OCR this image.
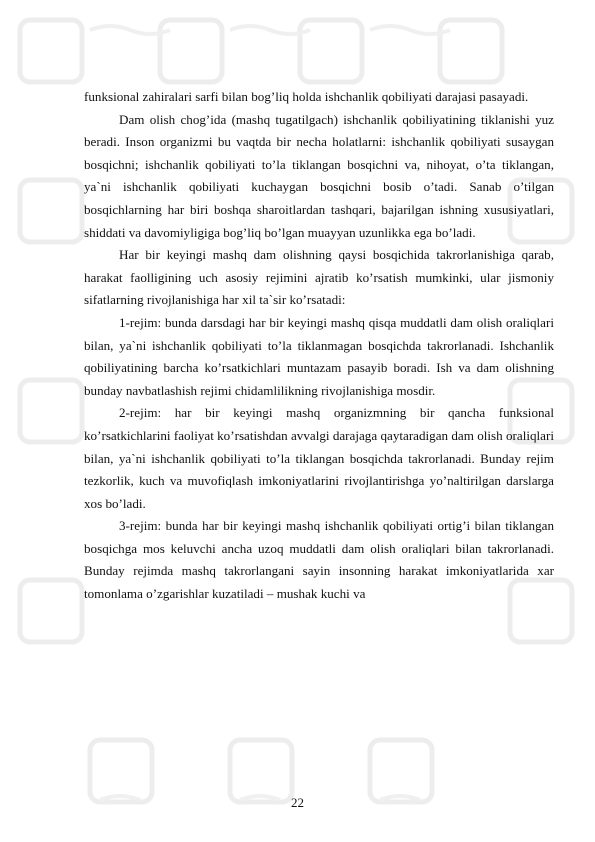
funksional zahiralari sarfi bilan bog’liq holda ishchanlik qobiliyati darajasi pasayadi.

Dam olish chog’ida (mashq tugatilgach) ishchanlik qobiliyatining tiklanishi yuz beradi. Inson organizmi bu vaqtda bir necha holatlarni: ishchanlik qobiliyati susaygan bosqichni; ishchanlik qobiliyati to’la tiklangan bosqichni va, nihoyat, o’ta tiklangan, ya`ni ishchanlik qobiliyati kuchaygan bosqichni bosib o’tadi. Sanab o’tilgan bosqichlarning har biri boshqa sharoitlardan tashqari, bajarilgan ishning xususiyatlari, shiddati va davomiyligiga bog’liq bo’lgan muayyan uzunlikka ega bo’ladi.

Har bir keyingi mashq dam olishning qaysi bosqichida takrorlanishiga qarab, harakat faolligining uch asosiy rejimini ajratib ko’rsatish mumkinki, ular jismoniy sifatlarning rivojlanishiga har xil ta`sir ko’rsatadi:

1-rejim: bunda darsdagi har bir keyingi mashq qisqa muddatli dam olish oraliqlari bilan, ya`ni ishchanlik qobiliyati to’la tiklanmagan bosqichda takrorlanadi. Ishchanlik qobiliyatining barcha ko’rsatkichlari muntazam pasayib boradi. Ish va dam olishning bunday navbatlashish rejimi chidamlilikning rivojlanishiga mosdir.

2-rejim: har bir keyingi mashq organizmning bir qancha funksional ko’rsatkichlarini faoliyat ko’rsatishdan avvalgi darajaga qaytaradigan dam olish oraliqlari bilan, ya`ni ishchanlik qobiliyati to’la tiklangan bosqichda takrorlanadi. Bunday rejim tezkorlik, kuch va muvofiqlash imkoniyatlarini rivojlantirishga yo’naltirilgan darslarga xos bo’ladi.

3-rejim: bunda har bir keyingi mashq ishchanlik qobiliyati ortig’i bilan tiklangan bosqichga mos keluvchi ancha uzoq muddatli dam olish oraliqlari bilan takrorlanadi. Bunday rejimda mashq takrorlangani sayin insonning harakat imkoniyatlarida xar tomonlama o’zgarishlar kuzatiladi – mushak kuchi va

22
